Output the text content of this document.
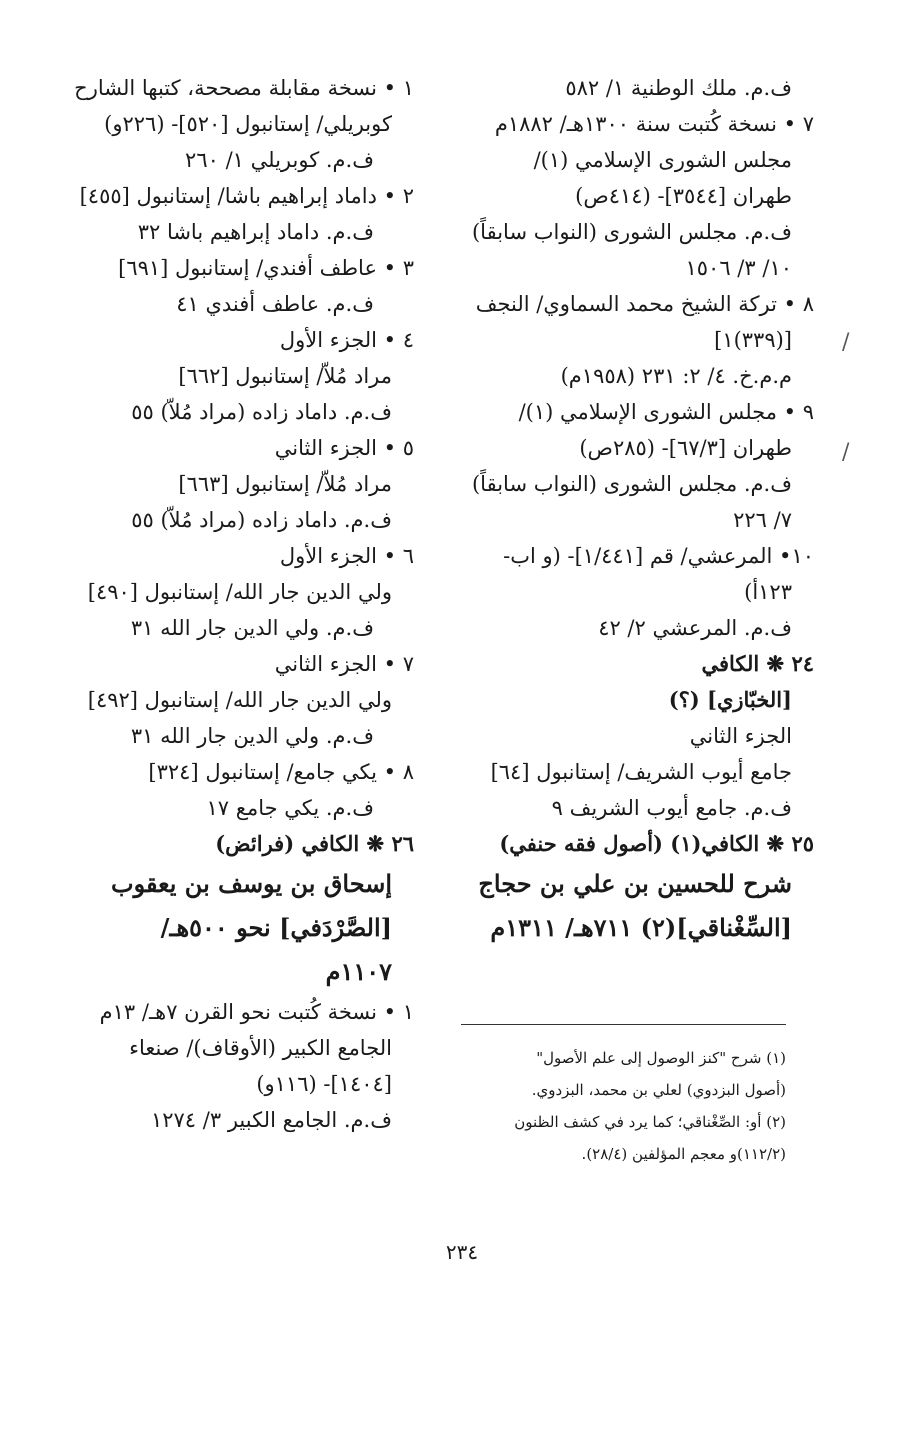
ف.م. ملك الوطنية ١/ ٥٨٢
٧ • نسخة كُتبت سنة ١٣٠٠هـ/ ١٨٨٢م
مجلس الشورى الإسلامي (١)/
طهران [٣٥٤٤]- (٤١٤ص)
ف.م. مجلس الشورى (النواب سابقاً)
١٠/ ٣/ ١٥٠٦
٨ • تركة الشيخ محمد السماوي/ النجف
[(٣٣٩)١]
م.م.خ. ٤/ ٢: ٢٣١ (١٩٥٨م)
٩ • مجلس الشورى الإسلامي (١)/
طهران [٦٧/٣]- (٢٨٥ص)
ف.م. مجلس الشورى (النواب سابقاً)
٧/ ٢٢٦
١٠• المرعشي/ قم [١/٤٤١]- (و اب-
١٢٣أ)
ف.م. المرعشي ٢/ ٤٢
٢٤ ❋ الكافي
[الخبّازي] (؟)
الجزء الثاني
جامع أيوب الشريف/ إستانبول [٦٤]
ف.م. جامع أيوب الشريف ٩
٢٥ ❋ الكافي(١) (أصول فقه حنفي)
شرح للحسين بن علي بن حجاج
[السِّغْناقي](٢) ٧١١هـ/ ١٣١١م
١ • نسخة مقابلة مصححة، كتبها الشارح
كوبريلي/ إستانبول [٥٢٠]- (٢٢٦و)
ف.م. كوبريلي ١/ ٢٦٠
٢ • داماد إبراهيم باشا/ إستانبول [٤٥٥]
ف.م. داماد إبراهيم باشا ٣٢
٣ • عاطف أفندي/ إستانبول [٦٩١]
ف.م. عاطف أفندي ٤١
٤ • الجزء الأول
مراد مُلاّ/ إستانبول [٦٦٢]
ف.م. داماد زاده (مراد مُلاّ) ٥٥
٥ • الجزء الثاني
مراد مُلاّ/ إستانبول [٦٦٣]
ف.م. داماد زاده (مراد مُلاّ) ٥٥
٦ • الجزء الأول
ولي الدين جار الله/ إستانبول [٤٩٠]
ف.م. ولي الدين جار الله ٣١
٧ • الجزء الثاني
ولي الدين جار الله/ إستانبول [٤٩٢]
ف.م. ولي الدين جار الله ٣١
٨ • يكي جامع/ إستانبول [٣٢٤]
ف.م. يكي جامع ١٧
٢٦ ❋ الكافي (فرائض)
إسحاق بن يوسف بن يعقوب
[الصَّرْدَفي] نحو ٥٠٠هـ/
١١٠٧م
١ • نسخة كُتبت نحو القرن ٧هـ/ ١٣م
الجامع الكبير (الأوقاف)/ صنعاء
[١٤٠٤]- (١١٦و)
ف.م. الجامع الكبير ٣/ ١٢٧٤
/
/
(١) شرح "كنز الوصول إلى علم الأصول"
(أصول البزدوي) لعلي بن محمد، البزدوي.
(٢) أو: الصِّغْناقي؛ كما يرد في كشف الظنون
(١١٢/٢)و معجم المؤلفين (٢٨/٤).
٢٣٤
